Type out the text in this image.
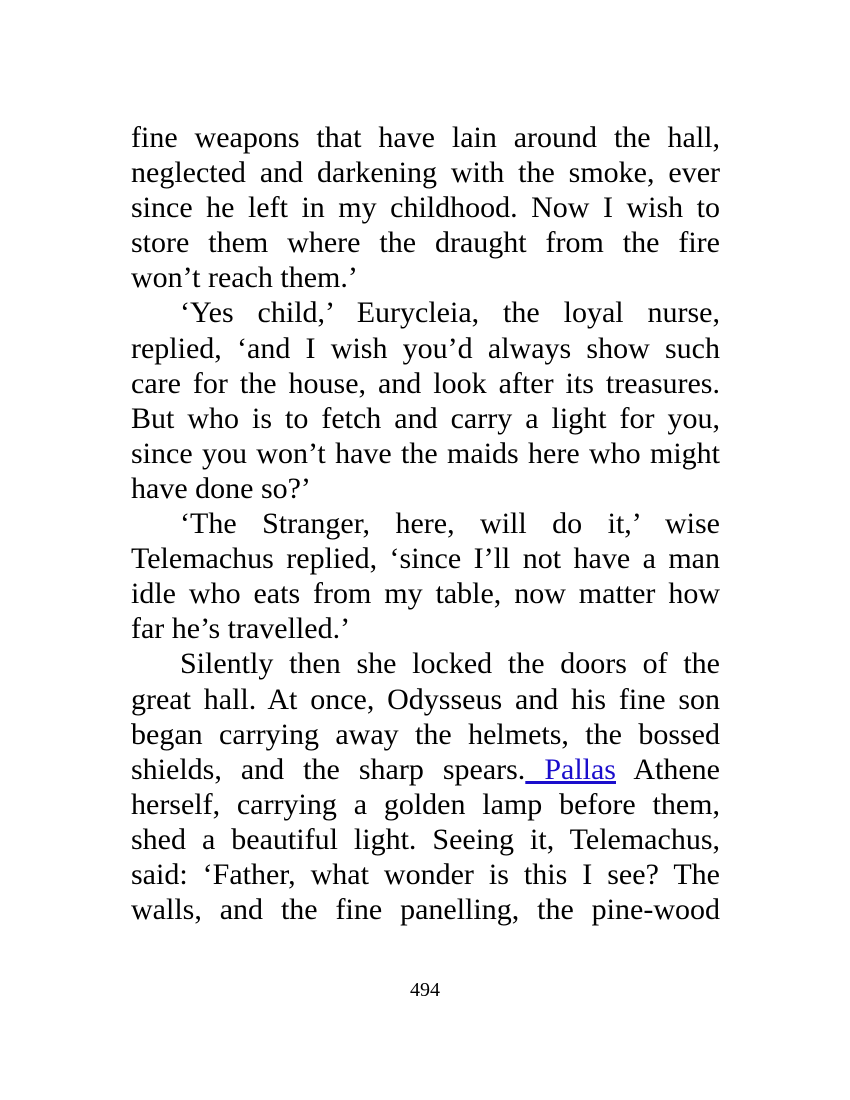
fine weapons that have lain around the hall,
neglected and darkening with the smoke, ever
since he left in my childhood. Now I wish to
store them where the draught from the fire
won’t reach them.’
‘Yes child,’ Eurycleia, the loyal nurse,
replied, ‘and I wish you’d always show such
care for the house, and look after its treasures.
But who is to fetch and carry a light for you,
since you won’t have the maids here who might
have done so?’
‘The Stranger, here, will do it,’ wise
Telemachus replied, ‘since I’ll not have a man
idle who eats from my table, now matter how
far he’s travelled.’
Silently then she locked the doors of the
great hall. At once, Odysseus and his fine son
began carrying away the helmets, the bossed
shields, and the sharp spears. Pallas Athene
herself, carrying a golden lamp before them,
shed a beautiful light. Seeing it, Telemachus,
said: ‘Father, what wonder is this I see? The
walls, and the fine panelling, the pine-wood
494
